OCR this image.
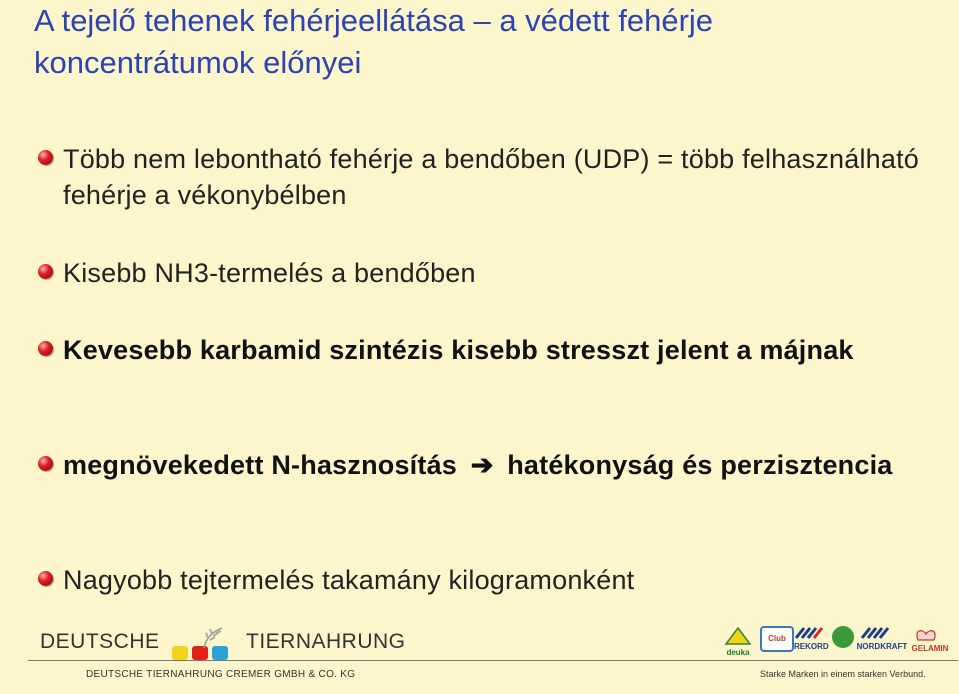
A tejelő tehenek fehérjeellátása – a védett fehérje koncentrátumok előnyei
Több nem lebontható fehérje a bendőben (UDP) = több felhasználható fehérje a vékonybélben
Kisebb NH3-termelés a bendőben
Kevesebb karbamid szintézis kisebb stresszt jelent a májnak
megnövekedett N-hasznosítás ➔ hatékonyság és perzisztencia
Nagyobb tejtermelés takamány kilogramonként
DEUTSCHE	TIERNAHRUNG	deuka
Club
REKORD	NORDKRAFT GELAMIN
DEUTSCHE TIERNAHRUNG CREMER GMBH & CO. KG	Starke Marken in einem starken Verbund.
